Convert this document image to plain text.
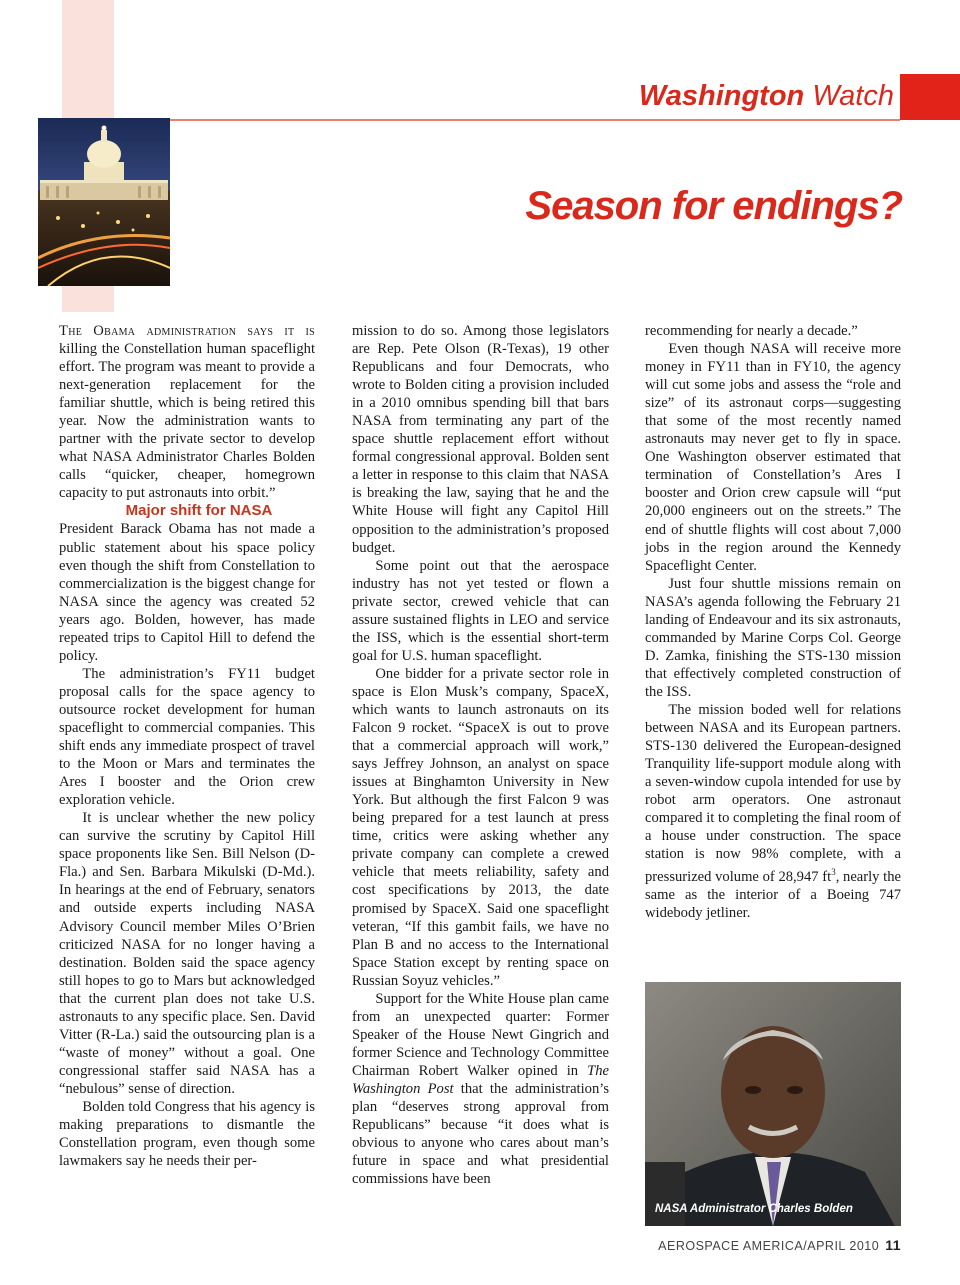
Washington Watch
Season for endings?

The Obama administration says it is killing the Constellation human spaceflight effort. The program was meant to provide a next-generation replacement for the familiar shuttle, which is being retired this year. Now the administration wants to partner with the private sector to develop what NASA Administrator Charles Bolden calls “quicker, cheaper, homegrown capacity to put astronauts into orbit.”

Major shift for NASA

President Barack Obama has not made a public statement about his space policy even though the shift from Constellation to commercialization is the biggest change for NASA since the agency was created 52 years ago. Bolden, however, has made repeated trips to Capitol Hill to defend the policy.

The administration’s FY11 budget proposal calls for the space agency to outsource rocket development for human spaceflight to commercial companies. This shift ends any immediate prospect of travel to the Moon or Mars and terminates the Ares I booster and the Orion crew exploration vehicle.

It is unclear whether the new policy can survive the scrutiny by Capitol Hill space proponents like Sen. Bill Nelson (D-Fla.) and Sen. Barbara Mikulski (D-Md.). In hearings at the end of February, senators and outside experts including NASA Advisory Council member Miles O’Brien criticized NASA for no longer having a destination. Bolden said the space agency still hopes to go to Mars but acknowledged that the current plan does not take U.S. astronauts to any specific place. Sen. David Vitter (R-La.) said the outsourcing plan is a “waste of money” without a goal. One congressional staffer said NASA has a “nebulous” sense of direction.

Bolden told Congress that his agency is making preparations to dismantle the Constellation program, even though some lawmakers say he needs their per-

mission to do so. Among those legislators are Rep. Pete Olson (R-Texas), 19 other Republicans and four Democrats, who wrote to Bolden citing a provision included in a 2010 omnibus spending bill that bars NASA from terminating any part of the space shuttle replacement effort without formal congressional approval. Bolden sent a letter in response to this claim that NASA is breaking the law, saying that he and the White House will fight any Capitol Hill opposition to the administration’s proposed budget.

Some point out that the aerospace industry has not yet tested or flown a private sector, crewed vehicle that can assure sustained flights in LEO and service the ISS, which is the essential short-term goal for U.S. human spaceflight.

One bidder for a private sector role in space is Elon Musk’s company, SpaceX, which wants to launch astronauts on its Falcon 9 rocket. “SpaceX is out to prove that a commercial approach will work,” says Jeffrey Johnson, an analyst on space issues at Binghamton University in New York. But although the first Falcon 9 was being prepared for a test launch at press time, critics were asking whether any private company can complete a crewed vehicle that meets reliability, safety and cost specifications by 2013, the date promised by SpaceX. Said one spaceflight veteran, “If this gambit fails, we have no Plan B and no access to the International Space Station except by renting space on Russian Soyuz vehicles.”

Support for the White House plan came from an unexpected quarter: Former Speaker of the House Newt Gingrich and former Science and Technology Committee Chairman Robert Walker opined in The Washington Post that the administration’s plan “deserves strong approval from Republicans” because “it does what is obvious to anyone who cares about man’s future in space and what presidential commissions have been

recommending for nearly a decade.”

Even though NASA will receive more money in FY11 than in FY10, the agency will cut some jobs and assess the “role and size” of its astronaut corps—suggesting that some of the most recently named astronauts may never get to fly in space. One Washington observer estimated that termination of Constellation’s Ares I booster and Orion crew capsule will “put 20,000 engineers out on the streets.” The end of shuttle flights will cost about 7,000 jobs in the region around the Kennedy Spaceflight Center.

Just four shuttle missions remain on NASA’s agenda following the February 21 landing of Endeavour and its six astronauts, commanded by Marine Corps Col. George D. Zamka, finishing the STS-130 mission that effectively completed construction of the ISS.

The mission boded well for relations between NASA and its European partners. STS-130 delivered the European-designed Tranquility life-support module along with a seven-window cupola intended for use by robot arm operators. One astronaut compared it to completing the final room of a house under construction. The space station is now 98% complete, with a pressurized volume of 28,947 $ft^3$, nearly the same as the interior of a Boeing 747 widebody jetliner.

NASA Administrator Charles Bolden
AEROSPACE AMERICA/APRIL 2010 11
